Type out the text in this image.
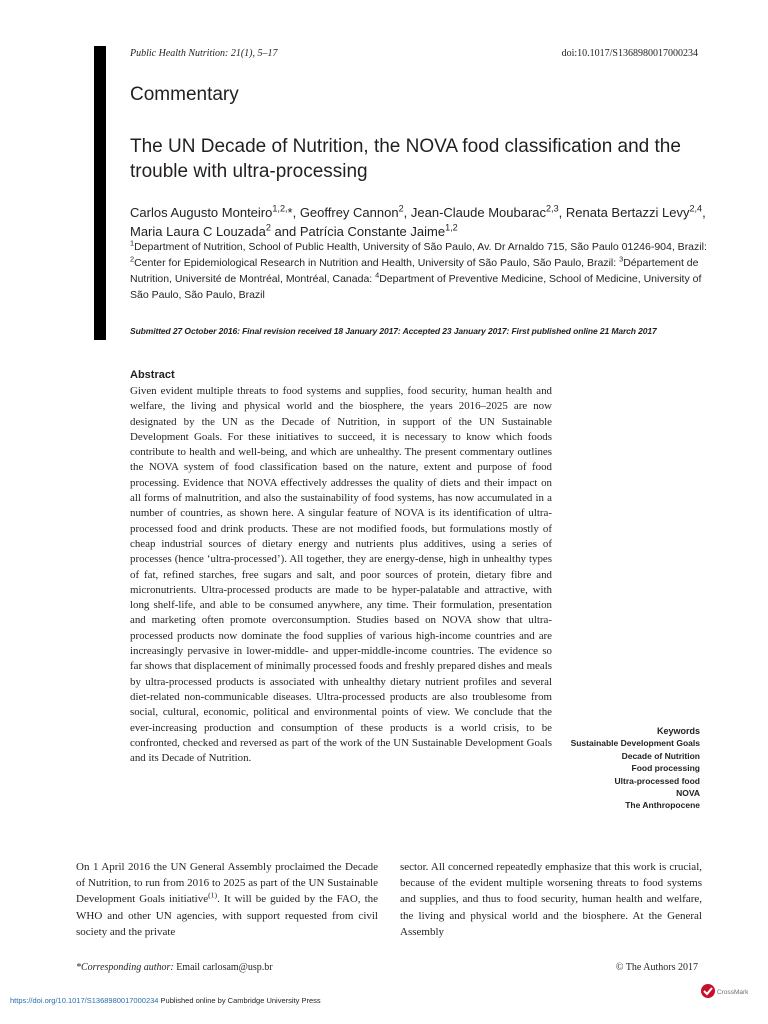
Public Health Nutrition: 21(1), 5–17	doi:10.1017/S1368980017000234
Commentary
The UN Decade of Nutrition, the NOVA food classification and the trouble with ultra-processing
Carlos Augusto Monteiro$^{1,2,}$*, Geoffrey Cannon$^2$, Jean-Claude Moubarac$^{2,3}$, Renata Bertazzi Levy$^{2,4}$, Maria Laura C Louzada$^2$ and Patrícia Constante Jaime$^{1,2}$
$^1$Department of Nutrition, School of Public Health, University of São Paulo, Av. Dr Arnaldo 715, São Paulo 01246-904, Brazil: $^2$Center for Epidemiological Research in Nutrition and Health, University of São Paulo, São Paulo, Brazil: $^3$Département de Nutrition, Université de Montréal, Montréal, Canada: $^4$Department of Preventive Medicine, School of Medicine, University of São Paulo, São Paulo, Brazil
Submitted 27 October 2016: Final revision received 18 January 2017: Accepted 23 January 2017: First published online 21 March 2017
Abstract
Given evident multiple threats to food systems and supplies, food security, human health and welfare, the living and physical world and the biosphere, the years 2016–2025 are now designated by the UN as the Decade of Nutrition, in support of the UN Sustainable Development Goals. For these initiatives to succeed, it is necessary to know which foods contribute to health and well-being, and which are unhealthy. The present commentary outlines the NOVA system of food classification based on the nature, extent and purpose of food processing. Evidence that NOVA effectively addresses the quality of diets and their impact on all forms of malnutrition, and also the sustainability of food systems, has now accumulated in a number of countries, as shown here. A singular feature of NOVA is its identification of ultra-processed food and drink products. These are not modified foods, but formulations mostly of cheap industrial sources of dietary energy and nutrients plus additives, using a series of processes (hence ‘ultra-processed’). All together, they are energy-dense, high in unhealthy types of fat, refined starches, free sugars and salt, and poor sources of protein, dietary fibre and micronutrients. Ultra-processed products are made to be hyper-palatable and attractive, with long shelf-life, and able to be consumed anywhere, any time. Their formulation, presentation and marketing often promote overconsumption. Studies based on NOVA show that ultra-processed products now dominate the food supplies of various high-income countries and are increasingly pervasive in lower-middle- and upper-middle-income countries. The evidence so far shows that displacement of minimally processed foods and freshly prepared dishes and meals by ultra-processed products is associated with unhealthy dietary nutrient profiles and several diet-related non-communicable diseases. Ultra-processed products are also troublesome from social, cultural, economic, political and environmental points of view. We conclude that the ever-increasing production and consumption of these products is a world crisis, to be confronted, checked and reversed as part of the work of the UN Sustainable Development Goals and its Decade of Nutrition.
Keywords
Sustainable Development Goals
Decade of Nutrition
Food processing
Ultra-processed food
NOVA
The Anthropocene
On 1 April 2016 the UN General Assembly proclaimed the Decade of Nutrition, to run from 2016 to 2025 as part of the UN Sustainable Development Goals initiative$^{(1)}$. It will be guided by the FAO, the WHO and other UN agencies, with support requested from civil society and the private
sector. All concerned repeatedly emphasize that this work is crucial, because of the evident multiple worsening threats to food systems and supplies, and thus to food security, human health and welfare, the living and physical world and the biosphere. At the General Assembly
*Corresponding author: Email carlosam@usp.br	© The Authors 2017
https://doi.org/10.1017/S1368980017000234 Published online by Cambridge University Press
CrossMark
